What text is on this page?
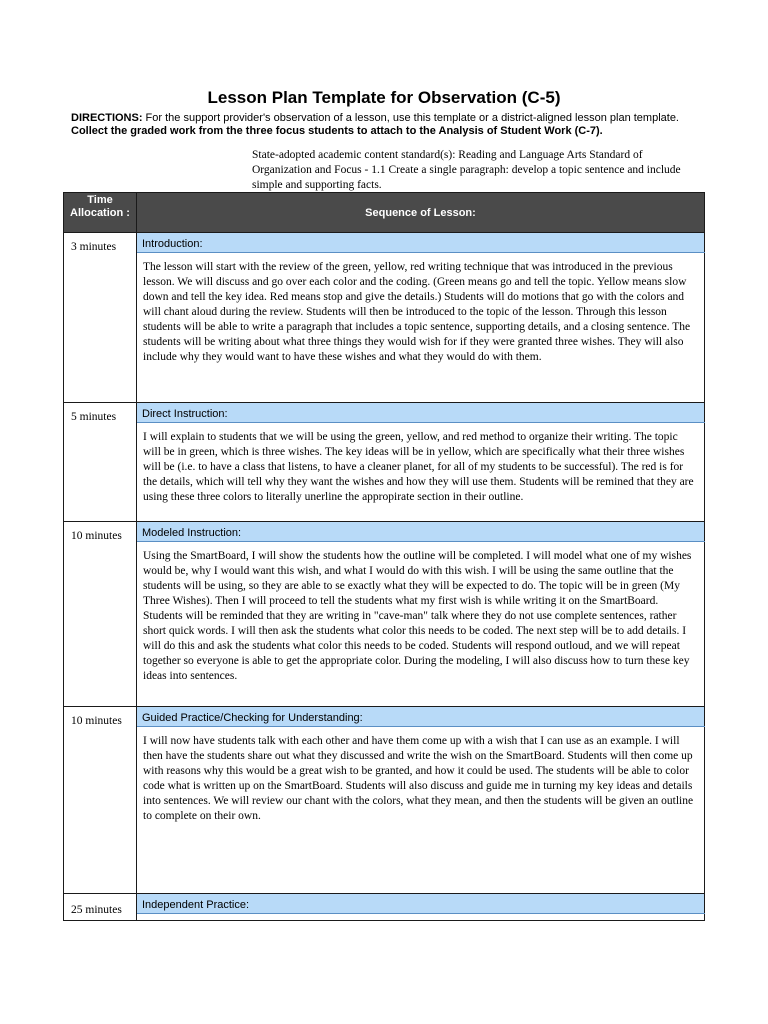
Lesson Plan Template for Observation (C-5)
DIRECTIONS: For the support provider's observation of a lesson, use this template or a district-aligned lesson plan template. Collect the graded work from the three focus students to attach to the Analysis of Student Work (C-7).
State-adopted academic content standard(s): Reading and Language Arts Standard of Organization and Focus - 1.1 Create a single paragraph: develop a topic sentence and include simple and supporting facts.
Time Allocation :	Sequence of Lesson:
3 minutes	Introduction:
	The lesson will start with the review of the green, yellow, red writing technique that was introduced in the previous lesson. We will discuss and go over each color and the coding. (Green means go and tell the topic. Yellow means slow down and tell the key idea. Red means stop and give the details.) Students will do motions that go with the colors and will chant aloud during the review. Students will then be introduced to the topic of the lesson. Through this lesson students will be able to write a paragraph that includes a topic sentence, supporting details, and a closing sentence. The students will be writing about what three things they would wish for if they were granted three wishes. They will also include why they would want to have these wishes and what they would do with them.
5 minutes	Direct Instruction:
	I will explain to students that we will be using the green, yellow, and red method to organize their writing. The topic will be in green, which is three wishes. The key ideas will be in yellow, which are specifically what their three wishes will be (i.e. to have a class that listens, to have a cleaner planet, for all of my students to be successful). The red is for the details, which will tell why they want the wishes and how they will use them. Students will be remined that they are using these three colors to literally unerline the appropirate section in their outline.
10 minutes	Modeled Instruction:
	Using the SmartBoard, I will show the students how the outline will be completed. I will model what one of my wishes would be, why I would want this wish, and what I would do with this wish. I will be using the same outline that the students will be using, so they are able to se exactly what they will be expected to do. The topic will be in green (My Three Wishes). Then I will proceed to tell the students what my first wish is while writing it on the SmartBoard. Students will be reminded that they are writing in "cave-man" talk where they do not use complete sentences, rather short quick words. I will then ask the students what color this needs to be coded. The next step will be to add details. I will do this and ask the students what color this needs to be coded. Students will respond outloud, and we will repeat together so everyone is able to get the appropriate color. During the modeling, I will also discuss how to turn these key ideas into sentences.
10 minutes	Guided Practice/Checking for Understanding:
	I will now have students talk with each other and have them come up with a wish that I can use as an example. I will then have the students share out what they discussed and write the wish on the SmartBoard. Students will then come up with reasons why this would be a great wish to be granted, and how it could be used. The students will be able to color code what is written up on the SmartBoard. Students will also discuss and guide me in turning my key ideas and details into sentences. We will review our chant with the colors, what they mean, and then the students will be given an outline to complete on their own.
25 minutes	Independent Practice:
